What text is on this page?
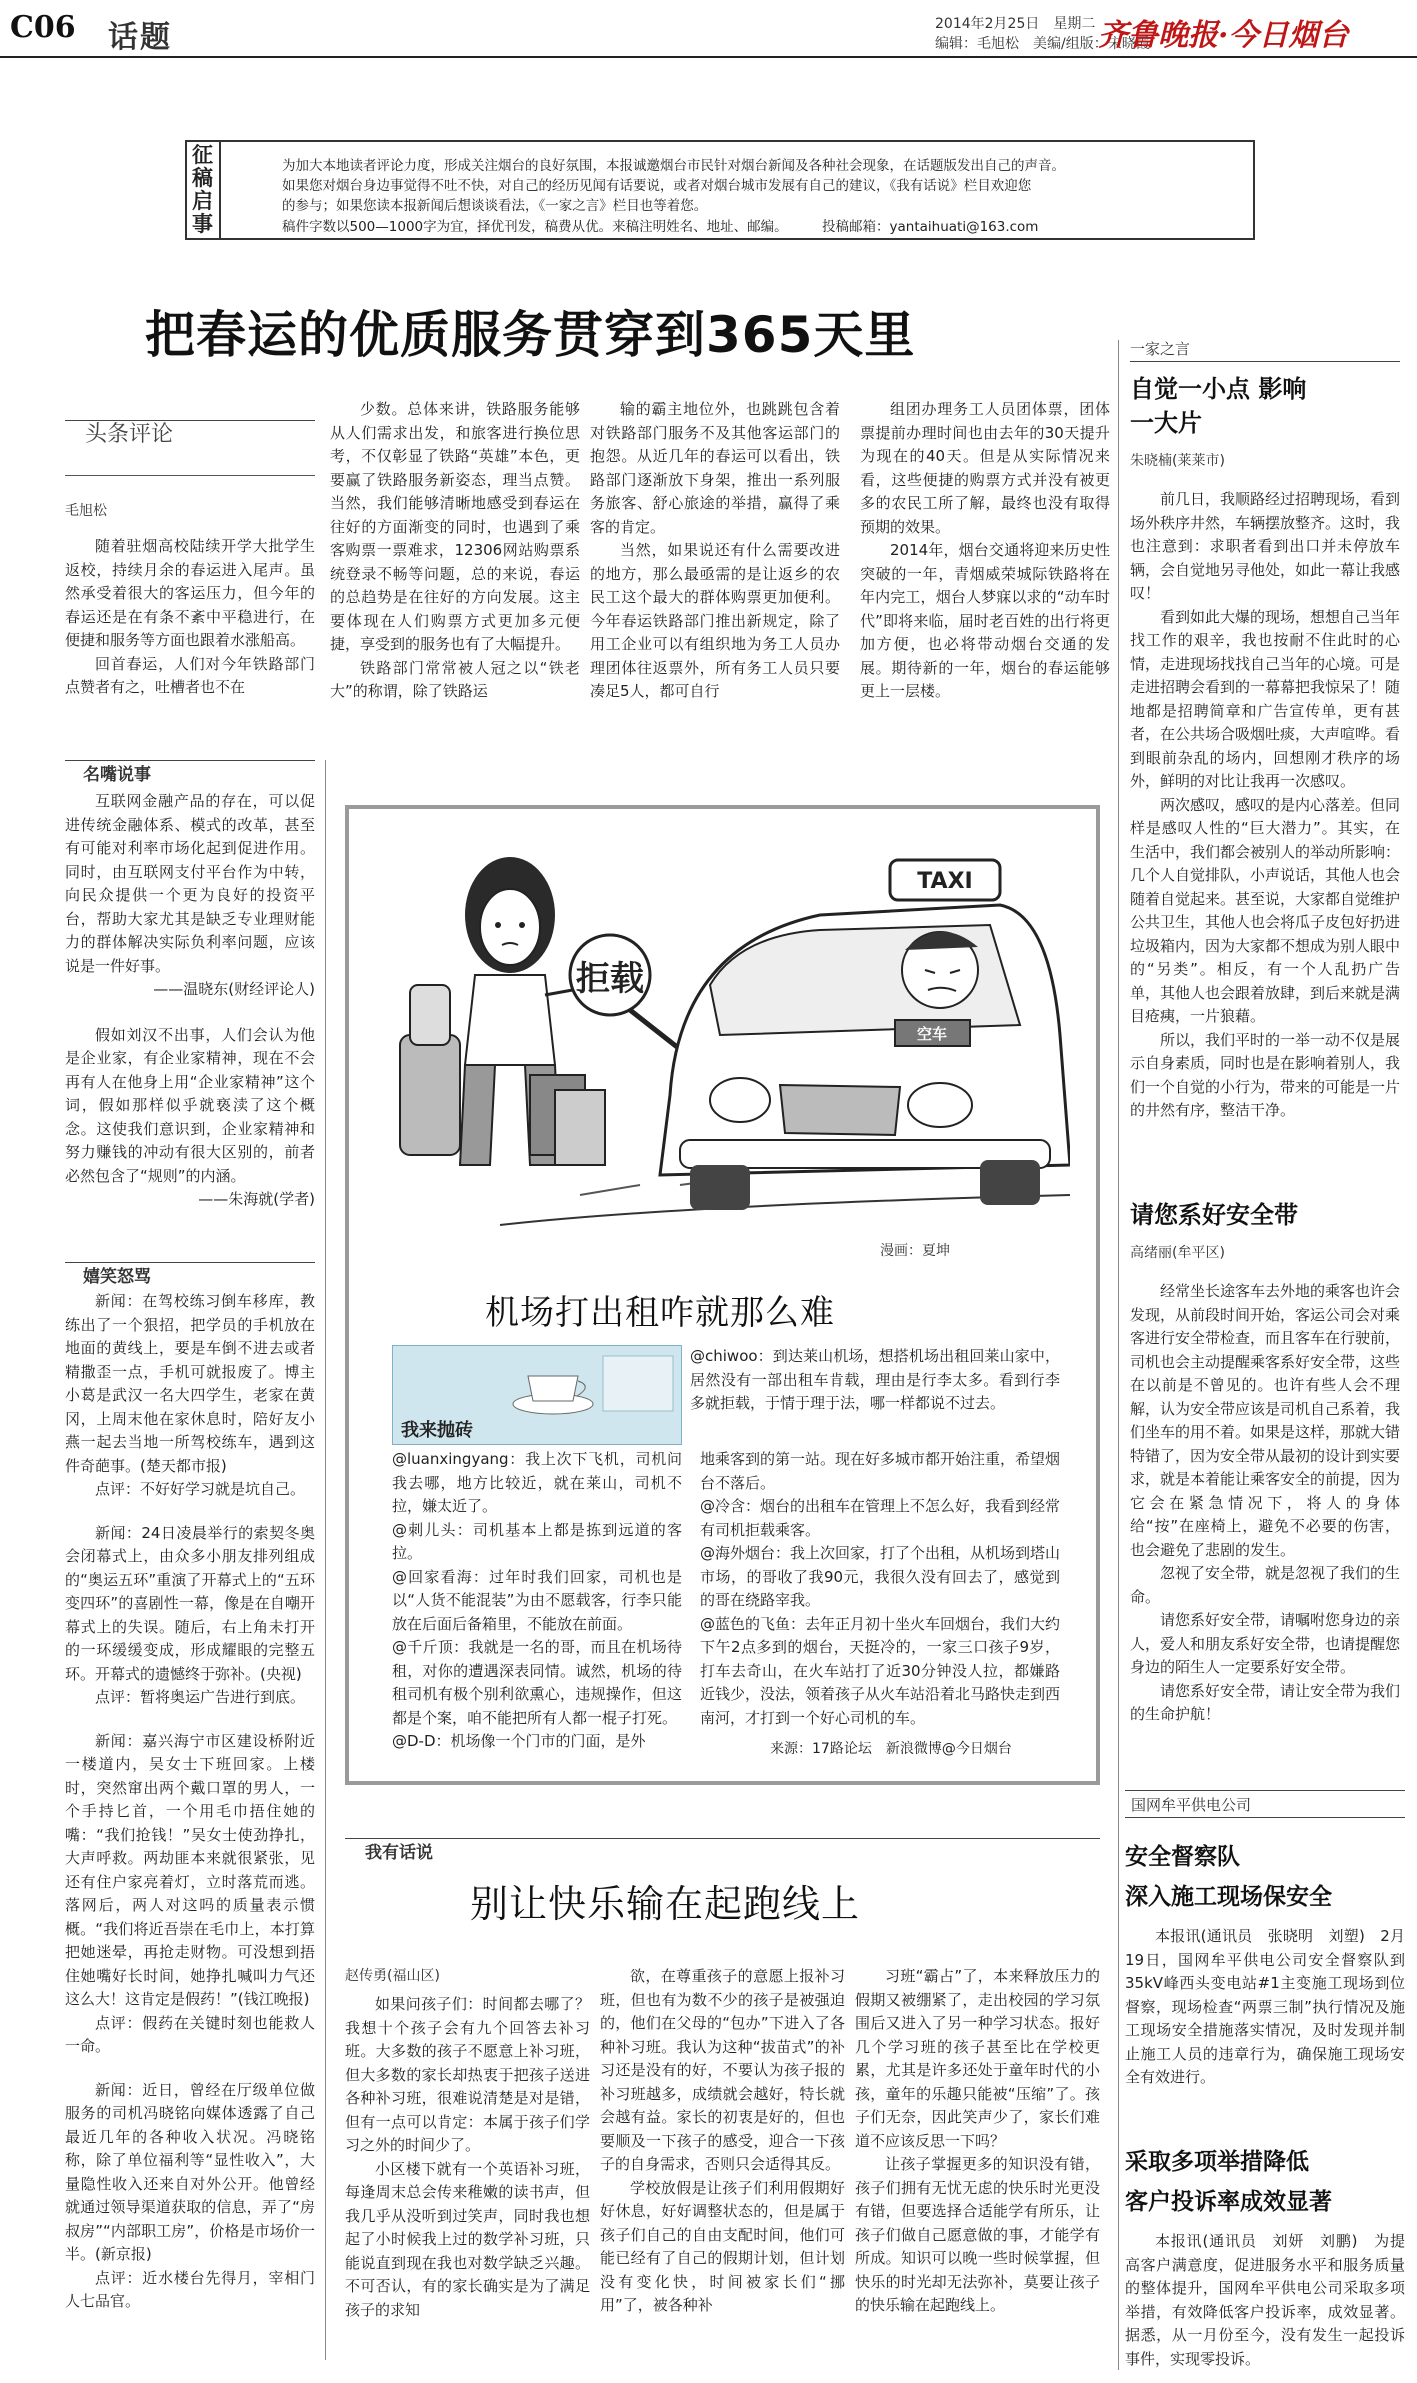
C06 话题	2014年2月25日　星期二
编辑：毛旭松　美编/组版：宋晓霞
齐鲁晚报·今日烟台
征稿启事
为加大本地读者评论力度，形成关注烟台的良好氛围，本报诚邀烟台市民针对烟台新闻及各种社会现象，在话题版发出自己的声音。
如果您对烟台身边事觉得不吐不快，对自己的经历见闻有话要说，或者对烟台城市发展有自己的建议，《我有话说》栏目欢迎您
的参与；如果您读本报新闻后想谈谈看法，《一家之言》栏目也等着您。
稿件字数以500—1000字为宜，择优刊发，稿费从优。来稿注明姓名、地址、邮编。	投稿邮箱：yantaihuati@163.com
把春运的优质服务贯穿到365天里
头条评论
毛旭松

随着驻烟高校陆续开学大批学生返校，持续月余的春运进入尾声。虽然承受着很大的客运压力，但今年的春运还是在有条不紊中平稳进行，在便捷和服务等方面也跟着水涨船高。

回首春运，人们对今年铁路部门点赞者有之，吐槽者也不在

少数。总体来讲，铁路服务能够从人们需求出发，和旅客进行换位思考，不仅彰显了铁路“英雄”本色，更要赢了铁路服务新姿态，理当点赞。当然，我们能够清晰地感受到春运在往好的方面渐变的同时，也遇到了乘客购票一票难求，12306网站购票系统登录不畅等问题，总的来说，春运的总趋势是在往好的方向发展。这主要体现在人们购票方式更加多元便捷，享受到的服务也有了大幅提升。

铁路部门常常被人冠之以“铁老大”的称谓，除了铁路运

输的霸主地位外，也跳跳包含着对铁路部门服务不及其他客运部门的抱怨。从近几年的春运可以看出，铁路部门逐渐放下身架，推出一系列服务旅客、舒心旅途的举措，赢得了乘客的肯定。

当然，如果说还有什么需要改进的地方，那么最亟需的是让返乡的农民工这个最大的群体购票更加便利。今年春运铁路部门推出新规定，除了用工企业可以有组织地为务工人员办理团体往返票外，所有务工人员只要凑足5人，都可自行

组团办理务工人员团体票，团体票提前办理时间也由去年的30天提升为现在的40天。但是从实际情况来看，这些便捷的购票方式并没有被更多的农民工所了解，最终也没有取得预期的效果。

2014年，烟台交通将迎来历史性突破的一年，青烟威荣城际铁路将在年内完工，烟台人梦寐以求的“动车时代”即将来临，届时老百姓的出行将更加方便，也必将带动烟台交通的发展。期待新的一年，烟台的春运能够更上一层楼。

名嘴说事

互联网金融产品的存在，可以促进传统金融体系、模式的改革，甚至有可能对利率市场化起到促进作用。同时，由互联网支付平台作为中转，向民众提供一个更为良好的投资平台，帮助大家尤其是缺乏专业理财能力的群体解决实际负利率问题，应该说是一件好事。

——温晓东(财经评论人)

假如刘汉不出事，人们会认为他是企业家，有企业家精神，现在不会再有人在他身上用“企业家精神”这个词，假如那样似乎就亵渎了这个概念。这使我们意识到，企业家精神和努力赚钱的冲动有很大区别的，前者必然包含了“规则”的内涵。

——朱海就(学者)

嬉笑怒骂

新闻：在驾校练习倒车移库，教练出了一个狠招，把学员的手机放在地面的黄线上，要是车倒不进去或者精撒歪一点，手机可就报废了。博主小葛是武汉一名大四学生，老家在黄冈，上周末他在家休息时，陪好友小燕一起去当地一所驾校练车，遇到这件奇葩事。(楚天都市报)

点评：不好好学习就是坑自己。

新闻：24日凌晨举行的索契冬奥会闭幕式上，由众多小朋友排列组成的“奥运五环”重演了开幕式上的“五环变四环”的喜剧性一幕，像是在自嘲开幕式上的失误。随后，右上角未打开的一环缓缓变成，形成耀眼的完整五环。开幕式的遗憾终于弥补。(央视)

点评：暂将奥运广告进行到底。

新闻：嘉兴海宁市区建设桥附近一楼道内，吴女士下班回家。上楼时，突然窜出两个戴口罩的男人，一个手持匕首，一个用毛巾捂住她的嘴：“我们抢钱！”吴女士使劲挣扎，大声呼救。两劫匪本来就很紧张，见还有住户家亮着灯，立时落荒而逃。落网后，两人对这吗的质量表示惯概。“我们将近吾崇在毛巾上，本打算把她迷晕，再抢走财物。可没想到捂住她嘴好长时间，她挣扎喊叫力气还这么大！这肯定是假药！”(钱江晚报)

点评：假药在关键时刻也能救人一命。

新闻：近日，曾经在厅级单位做服务的司机冯晓铭向媒体透露了自己最近几年的各种收入状况。冯晓铭称，除了单位福利等“显性收入”，大量隐性收入还来自对外公开。他曾经就通过领导渠道获取的信息，弄了“房叔房”“内部职工房”，价格是市场价一半。(新京报)

点评：近水楼台先得月，宰相门人七品官。

拒载
TAXI
空车
漫画：夏坤
机场打出租咋就那么难
我来抛砖
@chiwoo：到达莱山机场，想搭机场出租回莱山家中，居然没有一部出租车肯载，理由是行李太多。看到行李多就拒载，于情于理于法，哪一样都说不过去。

@luanxingyang：我上次下飞机，司机问我去哪，地方比较近，就在莱山，司机不拉，嫌太近了。

@刺儿头：司机基本上都是拣到远道的客拉。

@回家看海：过年时我们回家，司机也是以“人货不能混装”为由不愿载客，行李只能放在后面后备箱里，不能放在前面。

@千斤顶：我就是一名的哥，而且在机场待租，对你的遭遇深表同情。诚然，机场的待租司机有极个别利欲熏心，违规操作，但这都是个案，咱不能把所有人都一棍子打死。

@D-D：机场像一个门市的门面，是外

地乘客到的第一站。现在好多城市都开始注重，希望烟台不落后。

@冷含：烟台的出租车在管理上不怎么好，我看到经常有司机拒载乘客。

@海外烟台：我上次回家，打了个出租，从机场到塔山市场，的哥收了我90元，我很久没有回去了，感觉到的哥在绕路宰我。

@蓝色的飞鱼：去年正月初十坐火车回烟台，我们大约下午2点多到的烟台，天挺冷的，一家三口孩子9岁，打车去奇山，在火车站打了近30分钟没人拉，都嫌路近钱少，没法，领着孩子从火车站沿着北马路快走到西南河，才打到一个好心司机的车。

来源：17路论坛　新浪微博@今日烟台
我有话说
别让快乐输在起跑线上
赵传勇(福山区)

如果问孩子们：时间都去哪了？我想十个孩子会有九个回答去补习班。大多数的孩子不愿意上补习班，但大多数的家长却热衷于把孩子送进各种补习班，很难说清楚是对是错，但有一点可以肯定：本属于孩子们学习之外的时间少了。

小区楼下就有一个英语补习班，每逢周末总会传来稚嫩的读书声，但我几乎从没听到过笑声，同时我也想起了小时候我上过的数学补习班，只能说直到现在我也对数学缺乏兴趣。不可否认，有的家长确实是为了满足孩子的求知

欲，在尊重孩子的意愿上报补习班，但也有为数不少的孩子是被强迫的，他们在父母的“包办”下进入了各种补习班。我认为这种“拔苗式”的补习还是没有的好，不要认为孩子报的补习班越多，成绩就会越好，特长就会越有益。家长的初衷是好的，但也要顺及一下孩子的感受，迎合一下孩子的自身需求，否则只会适得其反。

学校放假是让孩子们利用假期好好休息，好好调整状态的，但是属于孩子们自己的自由支配时间，他们可能已经有了自己的假期计划，但计划没有变化快，时间被家长们“挪用”了，被各种补

习班“霸占”了，本来释放压力的假期又被绷紧了，走出校园的学习氛围后又进入了另一种学习状态。报好几个学习班的孩子甚至比在学校更累，尤其是许多还处于童年时代的小孩，童年的乐趣只能被“压缩”了。孩子们无奈，因此笑声少了，家长们难道不应该反思一下吗？

让孩子掌握更多的知识没有错，孩子们拥有无忧无虑的快乐时光更没有错，但要选择合适能学有所乐，让孩子们做自己愿意做的事，才能学有所成。知识可以晚一些时候掌握，但快乐的时光却无法弥补，莫要让孩子的快乐输在起跑线上。

一家之言
自觉一小点 影响一大片
朱晓楠(莱莱市)

前几日，我顺路经过招聘现场，看到场外秩序井然，车辆摆放整齐。这时，我也注意到：求职者看到出口并未停放车辆，会自觉地另寻他处，如此一幕让我感叹！

看到如此大爆的现场，想想自己当年找工作的艰辛，我也按耐不住此时的心情，走进现场找找自己当年的心境。可是走进招聘会看到的一幕幕把我惊呆了！随地都是招聘简章和广告宣传单，更有甚者，在公共场合吸烟吐痰，大声喧哗。看到眼前杂乱的场内，回想刚才秩序的场外，鲜明的对比让我再一次感叹。

两次感叹，感叹的是内心落差。但同样是感叹人性的“巨大潜力”。其实，在生活中，我们都会被别人的举动所影响：几个人自觉排队，小声说话，其他人也会随着自觉起来。甚至说，大家都自觉维护公共卫生，其他人也会将瓜子皮包好扔进垃圾箱内，因为大家都不想成为别人眼中的“另类”。相反，有一个人乱扔广告单，其他人也会跟着放肆，到后来就是满目疮痍，一片狼藉。

所以，我们平时的一举一动不仅是展示自身素质，同时也是在影响着别人，我们一个自觉的小行为，带来的可能是一片的井然有序，整洁干净。

请您系好安全带
高绪丽(牟平区)

经常坐长途客车去外地的乘客也许会发现，从前段时间开始，客运公司会对乘客进行安全带检查，而且客车在行驶前，司机也会主动提醒乘客系好安全带，这些在以前是不曾见的。也许有些人会不理解，认为安全带应该是司机自己系着，我们坐车的用不着。如果是这样，那就大错特错了，因为安全带从最初的设计到实要求，就是本着能让乘客安全的前提，因为它会在紧急情况下，将人的身体给“按”在座椅上，避免不必要的伤害，也会避免了悲剧的发生。

忽视了安全带，就是忽视了我们的生命。

请您系好安全带，请嘱咐您身边的亲人，爱人和朋友系好安全带，也请提醒您身边的陌生人一定要系好安全带。

请您系好安全带，请让安全带为我们的生命护航！

国网牟平供电公司
安全督察队
深入施工现场保安全
本报讯(通讯员　张晓明　刘塑)　2月19日，国网牟平供电公司安全督察队到35kV峰西头变电站#1主变施工现场到位督察，现场检查“两票三制”执行情况及施工现场安全措施落实情况，及时发现并制止施工人员的违章行为，确保施工现场安全有效进行。
采取多项举措降低
客户投诉率成效显著
本报讯(通讯员　刘妍　刘鹏)　为提高客户满意度，促进服务水平和服务质量的整体提升，国网牟平供电公司采取多项举措，有效降低客户投诉率，成效显著。据悉，从一月份至今，没有发生一起投诉事件，实现零投诉。
